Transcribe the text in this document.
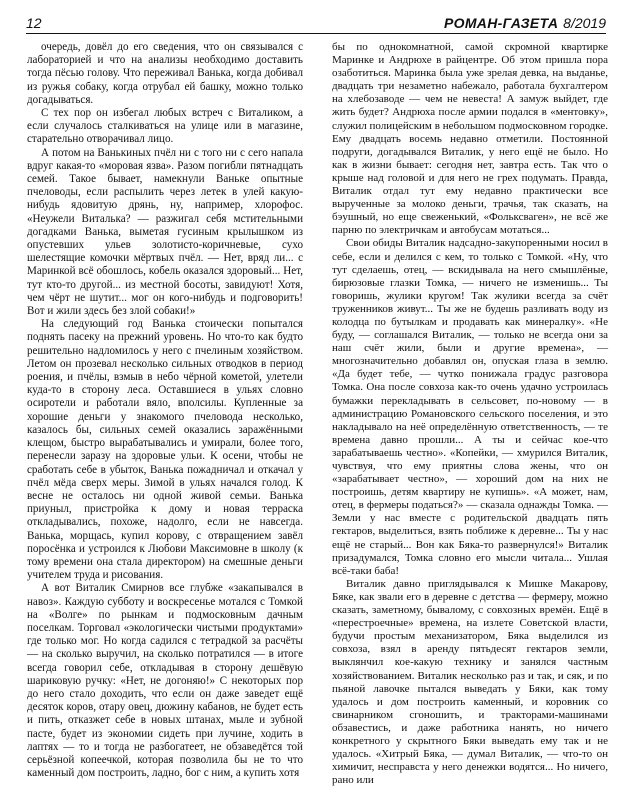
12	РОМАН-ГАЗЕТА 8/2019

очередь, довёл до его сведения, что он связывался с лабораторией и что на анализы необходимо доставить тогда пёсью голову. Что переживал Ванька, когда добивал из ружья собаку, когда отрубал ей башку, можно только догадываться.

С тех пор он избегал любых встреч с Виталиком, а если случалось сталкиваться на улице или в магазине, старательно отворачивал лицо.

А потом на Ванькиных пчёл ни с того ни с сего напала вдруг какая-то «моровая язва». Разом погибли пятнадцать семей. Такое бывает, намекнули Ваньке опытные пчеловоды, если распылить через летек в улей какую-нибудь ядовитую дрянь, ну, например, хлорофос. «Неужели Виталька? — разжигал себя мстительными догадками Ванька, выметая гусиным крылышком из опустевших ульев золотисто-коричневые, сухо шелестящие комочки мёртвых пчёл. — Нет, вряд ли... с Маринкой всё обошлось, кобель оказался здоровый... Нет, тут кто-то другой... из местной босоты, завидуют! Хотя, чем чёрт не шутит... мог он кого-нибудь и подговорить! Вот и жили здесь без злой собаки!»

На следующий год Ванька стоически попытался поднять пасеку на прежний уровень. Но что-то как будто решительно надломилось у него с пчелиным хозяйством. Летом он прозевал несколько сильных отводков в период роения, и пчёлы, взмыв в небо чёрной кометой, улетели куда-то в сторону леса. Оставшиеся в ульях словно осиротели и работали вяло, вполсилы. Купленные за хорошие деньги у знакомого пчеловода несколько, казалось бы, сильных семей оказались заражёнными клещом, быстро вырабатывались и умирали, более того, перенесли заразу на здоровые ульи. К осени, чтобы не сработать себе в убыток, Ванька пожадничал и откачал у пчёл мёда сверх меры. Зимой в ульях начался голод. К весне не осталось ни одной живой семьи. Ванька приуныл, пристройка к дому и новая терраска откладывались, похоже, надолго, если не навсегда. Ванька, морщась, купил корову, с отвращением завёл поросёнка и устроился к Любови Максимовне в школу (к тому времени она стала директором) на смешные деньги учителем труда и рисования.

А вот Виталик Смирнов все глубже «закапывался в навоз». Каждую субботу и воскресенье мотался с Томкой на «Волге» по рынкам и подмосковным дачным поселкам. Торговал «экологически чистыми продуктами» где только мог. Но когда садился с тетрадкой за расчёты — на сколько выручил, на сколько потратился — в итоге всегда говорил себе, откладывая в сторону дешёвую шариковую ручку: «Нет, не догоняю!» С некоторых пор до него стало доходить, что если он даже заведет ещё десяток коров, отару овец, дюжину кабанов, не будет есть и пить, отказжет себе в новых штанах, мыле и зубной пасте, будет из экономии сидеть при лучине, ходить в лаптях — то и тогда не разбогатеет, не обзаведётся той серьёзной копеечкой, которая позволила бы не то что каменный дом построить, ладно, бог с ним, а купить хотя

бы по однокомнатной, самой скромной квартирке Маринке и Андрюхе в райцентре. Об этом пришла пора озаботиться. Маринка была уже зрелая девка, на выданье, двадцать три незаметно набежало, работала бухгалтером на хлебозаводе — чем не невеста! А замуж выйдет, где жить будет? Андрюха после армии подался в «ментовку», служил полицейским в небольшом подмосковном городке. Ему двадцать восемь недавно отметили. Постоянной подруги, догадывался Виталик, у него ещё не было. Но как в жизни бывает: сегодня нет, завтра есть. Так что о крыше над головой и для него не грех подумать. Правда, Виталик отдал тут ему недавно практически все вырученные за молоко деньги, трачья, так сказать, на бэушный, но еще свеженький, «Фольксваген», не всё же парню по электричкам и автобусам мотаться...

Свои обиды Виталик надсадно-закупоренными носил в себе, если и делился с кем, то только с Томкой. «Ну, что тут сделаешь, отец, — вскидывала на него смышлёные, бирюзовые глазки Томка, — ничего не изменишь... Ты говоришь, жулики кругом! Так жулики всегда за счёт труженников живут... Ты же не будешь разливать воду из колодца по бутылкам и продавать как минералку». «Не буду, — соглашался Виталик, — только не всегда они за наш счёт жили, были и другие времена», — многозначительно добавлял он, опуская глаза в землю. «Да будет тебе, — чутко понижала градус разговора Томка. Она после совхоза как-то очень удачно устроилась бумажки перекладывать в сельсовет, по-новому — в администрацию Романовского сельского поселения, и это накладывало на неё определённую ответственность, — те времена давно прошли... А ты и сейчас кое-что зарабатываешь честно». «Копейки, — хмурился Виталик, чувствуя, что ему приятны слова жены, что он «зарабатывает честно», — хороший дом на них не построишь, детям квартиру не купишь». «А может, нам, отец, в фермеры податься?» — сказала однажды Томка. — Земли у нас вместе с родительской двадцать пять гектаров, выделиться, взять поближе к деревне... Ты у нас ещё не старый... Вон как Бяка-то развернулся!» Виталик призадумался, Томка словно его мысли читала... Ушлая всё-таки баба!

Виталик давно приглядывался к Мишке Макарову, Бяке, как звали его в деревне с детства — фермеру, можно сказать, заметному, бывалому, с совхозных времён. Ещё в «перестроечные» времена, на излете Советской власти, будучи простым механизатором, Бяка выделился из совхоза, взял в аренду пятьдесят гектаров земли, выклянчил кое-какую технику и занялся частным хозяйствованием. Виталик несколько раз и так, и сяк, и по пьяной лавочке пытался выведать у Бяки, как тому удалось и дом построить каменный, и коровник со свинарником сгоношить, и тракторами-машинами обзавестись, и даже работника нанять, но ничего конкретного у скрытного Бяки выведать ему так и не удалось. «Хитрый Бяка, — думал Виталик, — что-то он химичит, несправста у него денежки водятся... Но ничего, рано или
